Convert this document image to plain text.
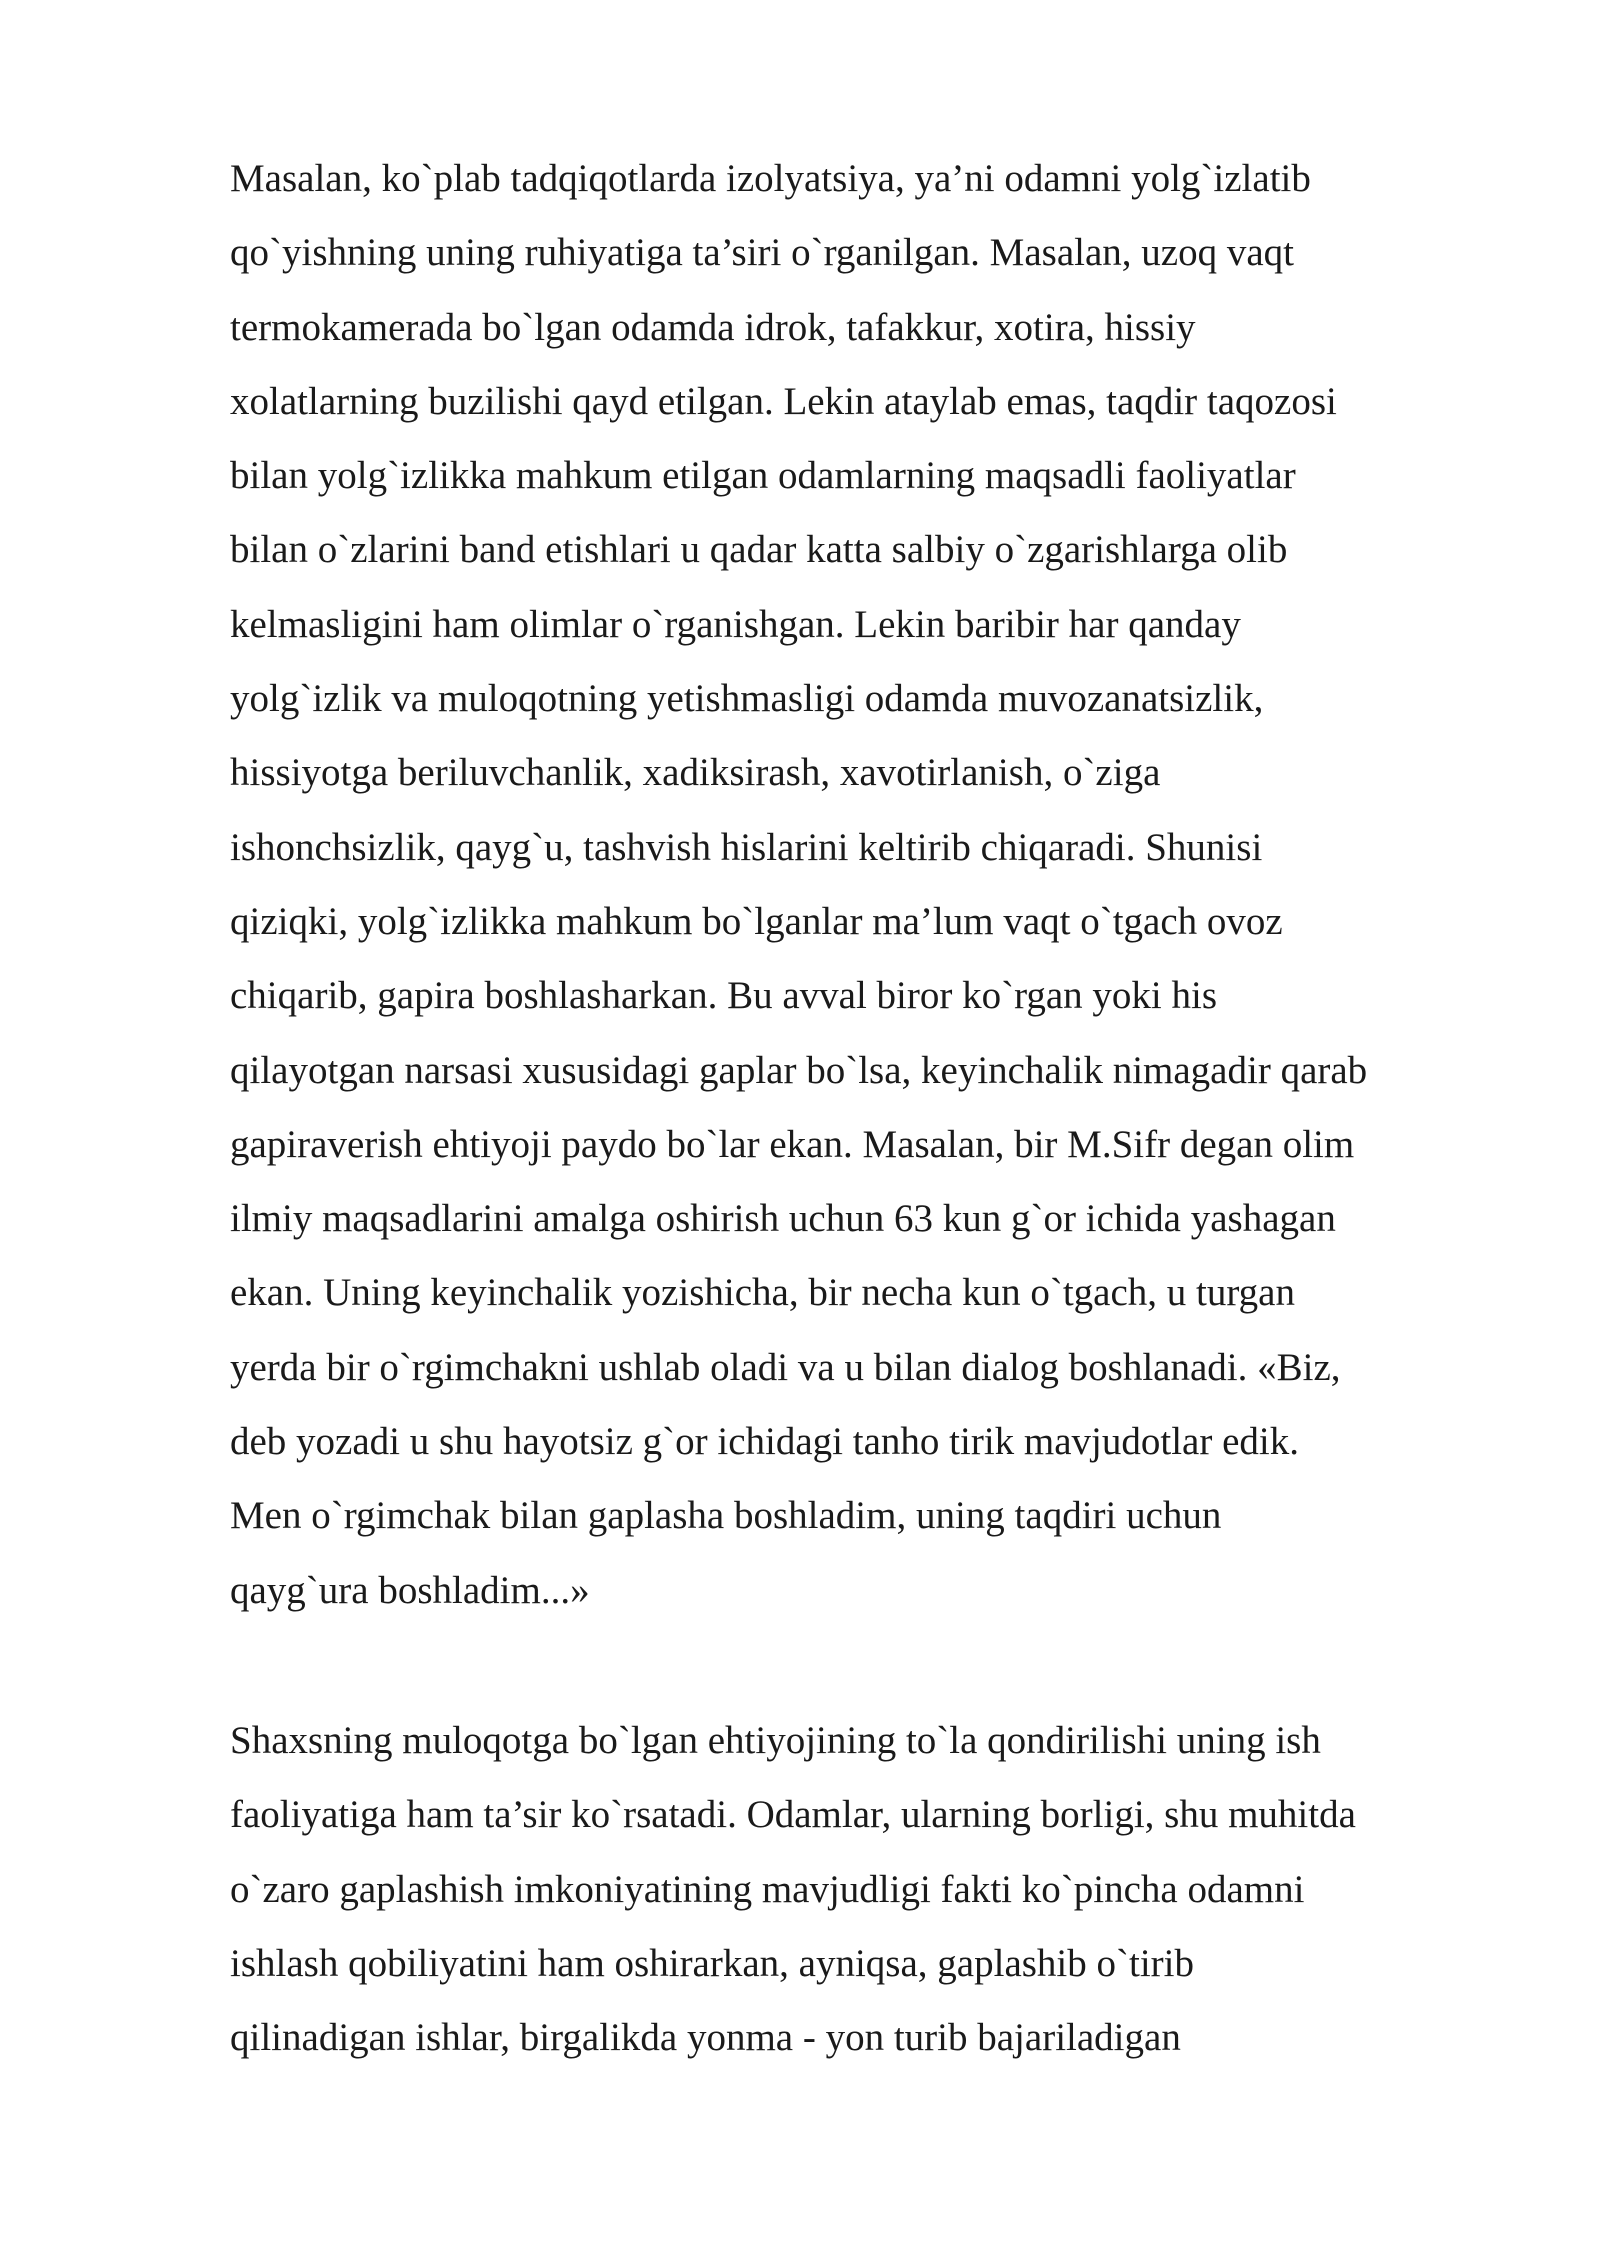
Masalan, ko`plab tadqiqotlarda izolyatsiya, ya’ni odamni yolg`izlatib
qo`yishning uning ruhiyatiga ta’siri o`rganilgan. Masalan, uzoq vaqt
termokamerada bo`lgan odamda idrok, tafakkur, xotira, hissiy
xolatlarning buzilishi qayd etilgan. Lekin ataylab emas, taqdir taqozosi
bilan yolg`izlikka mahkum etilgan odamlarning maqsadli faoliyatlar
bilan o`zlarini band etishlari u qadar katta salbiy o`zgarishlarga olib
kelmasligini ham olimlar o`rganishgan. Lekin baribir har qanday
yolg`izlik va muloqotning yetishmasligi odamda muvozanatsizlik,
hissiyotga beriluvchanlik, xadiksirash, xavotirlanish, o`ziga
ishonchsizlik, qayg`u, tashvish hislarini keltirib chiqaradi. Shunisi
qiziqki, yolg`izlikka mahkum bo`lganlar ma’lum vaqt o`tgach ovoz
chiqarib, gapira boshlasharkan. Bu avval biror ko`rgan yoki his
qilayotgan narsasi xususidagi gaplar bo`lsa, keyinchalik nimagadir qarab
gapiraverish ehtiyoji paydo bo`lar ekan. Masalan, bir M.Sifr degan olim
ilmiy maqsadlarini amalga oshirish uchun 63 kun g`or ichida yashagan
ekan. Uning keyinchalik yozishicha, bir necha kun o`tgach, u turgan
yerda bir o`rgimchakni ushlab oladi va u bilan dialog boshlanadi. «Biz,
deb yozadi u shu hayotsiz g`or ichidagi tanho tirik mavjudotlar edik.
Men o`rgimchak bilan gaplasha boshladim, uning taqdiri uchun
qayg`ura boshladim...»
Shaxsning muloqotga bo`lgan ehtiyojining to`la qondirilishi uning ish
faoliyatiga ham ta’sir ko`rsatadi. Odamlar, ularning borligi, shu muhitda
o`zaro gaplashish imkoniyatining mavjudligi fakti ko`pincha odamni
ishlash qobiliyatini ham oshirarkan, ayniqsa, gaplashib o`tirib
qilinadigan ishlar, birgalikda yonma - yon turib bajariladigan
